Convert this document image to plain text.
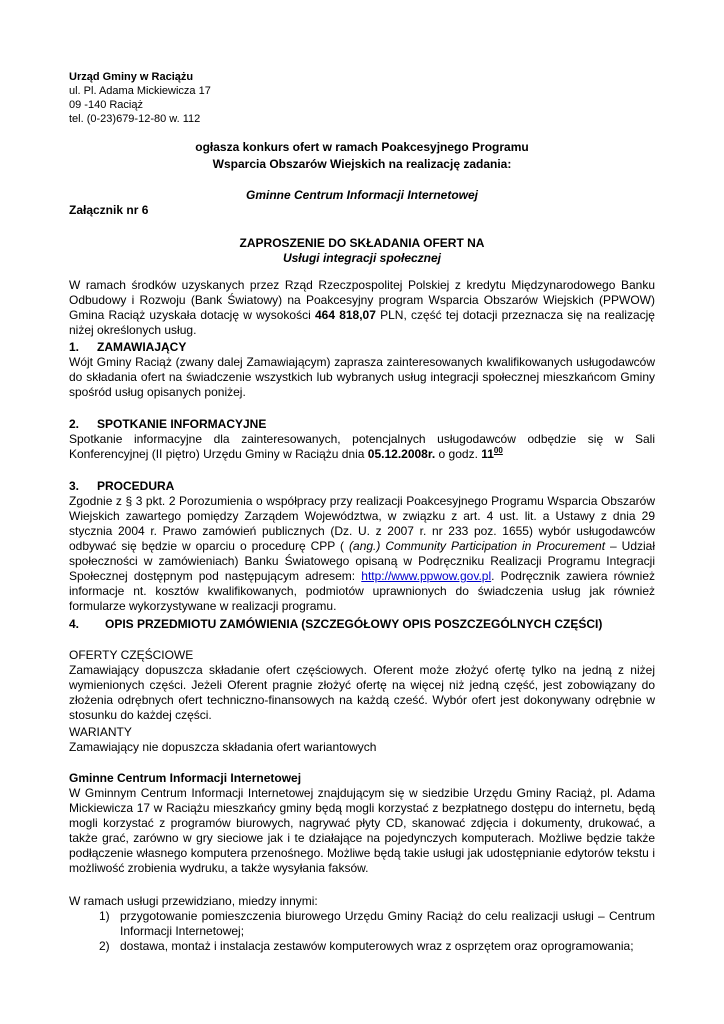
Urząd Gminy w Raciążu
ul. Pl. Adama Mickiewicza 17
09 -140 Raciąż
tel. (0-23)679-12-80 w. 112
ogłasza konkurs ofert w ramach Poakcesyjnego Programu
Wsparcia Obszarów Wiejskich na realizację zadania:
Gminne Centrum Informacji Internetowej
Załącznik nr 6
ZAPROSZENIE DO SKŁADANIA OFERT NA
Usługi integracji społecznej

W ramach środków uzyskanych przez Rząd Rzeczpospolitej Polskiej z kredytu Międzynarodowego Banku Odbudowy i Rozwoju (Bank Światowy) na Poakcesyjny program Wsparcia Obszarów Wiejskich (PPWOW) Gmina Raciąż uzyskała dotację w wysokości 464 818,07 PLN, część tej dotacji przeznacza się na realizację niżej określonych usług.

1. ZAMAWIAJĄCY

Wójt Gminy Raciąż (zwany dalej Zamawiającym) zaprasza zainteresowanych kwalifikowanych usługodawców do składania ofert na świadczenie wszystkich lub wybranych usług integracji społecznej mieszkańcom Gminy spośród usług opisanych poniżej.

2. SPOTKANIE INFORMACYJNE

Spotkanie informacyjne dla zainteresowanych, potencjalnych usługodawców odbędzie się w Sali Konferencyjnej (II piętro) Urzędu Gminy w Raciążu dnia 05.12.2008r. o godz. $11^{00}$

3. PROCEDURA

Zgodnie z § 3 pkt. 2 Porozumienia o współpracy przy realizacji Poakcesyjnego Programu Wsparcia Obszarów Wiejskich zawartego pomiędzy Zarządem Województwa, w związku z art. 4 ust. lit. a Ustawy z dnia 29 stycznia 2004 r. Prawo zamówień publicznych (Dz. U. z 2007 r. nr 233 poz. 1655) wybór usługodawców odbywać się będzie w oparciu o procedurę CPP ( (ang.) Community Participation in Procurement – Udział społeczności w zamówieniach) Banku Światowego opisaną w Podręczniku Realizacji Programu Integracji Społecznej dostępnym pod następującym adresem: http://www.ppwow.gov.pl. Podręcznik zawiera również informacje nt. kosztów kwalifikowanych, podmiotów uprawnionych do świadczenia usług jak również formularze wykorzystywane w realizacji programu.

4. OPIS PRZEDMIOTU ZAMÓWIENIA (SZCZEGÓŁOWY OPIS POSZCZEGÓLNYCH CZĘŚCI)
OFERTY CZĘŚCIOWE

Zamawiający dopuszcza składanie ofert częściowych. Oferent może złożyć ofertę tylko na jedną z niżej wymienionych części. Jeżeli Oferent pragnie złożyć ofertę na więcej niż jedną część, jest zobowiązany do złożenia odrębnych ofert techniczno-finansowych na każdą cześć. Wybór ofert jest dokonywany odrębnie w stosunku do każdej części.

WARIANTY
Zamawiający nie dopuszcza składania ofert wariantowych
Gminne Centrum Informacji Internetowej

W Gminnym Centrum Informacji Internetowej znajdującym się w siedzibie Urzędu Gminy Raciąż, pl. Adama Mickiewicza 17 w Raciążu mieszkańcy gminy będą mogli korzystać z bezpłatnego dostępu do internetu, będą mogli korzystać z programów biurowych, nagrywać płyty CD, skanować zdjęcia i dokumenty, drukować, a także grać, zarówno w gry sieciowe jak i te działające na pojedynczych komputerach. Możliwe będzie także podłączenie własnego komputera przenośnego. Możliwe będą takie usługi jak udostępnianie edytorów tekstu i możliwość zrobienia wydruku, a także wysyłania faksów.

W ramach usługi przewidziano, miedzy innymi:
1) przygotowanie pomieszczenia biurowego Urzędu Gminy Raciąż do celu realizacji usługi – Centrum Informacji Internetowej;
2) dostawa, montaż i instalacja zestawów komputerowych wraz z osprzętem oraz oprogramowania;
